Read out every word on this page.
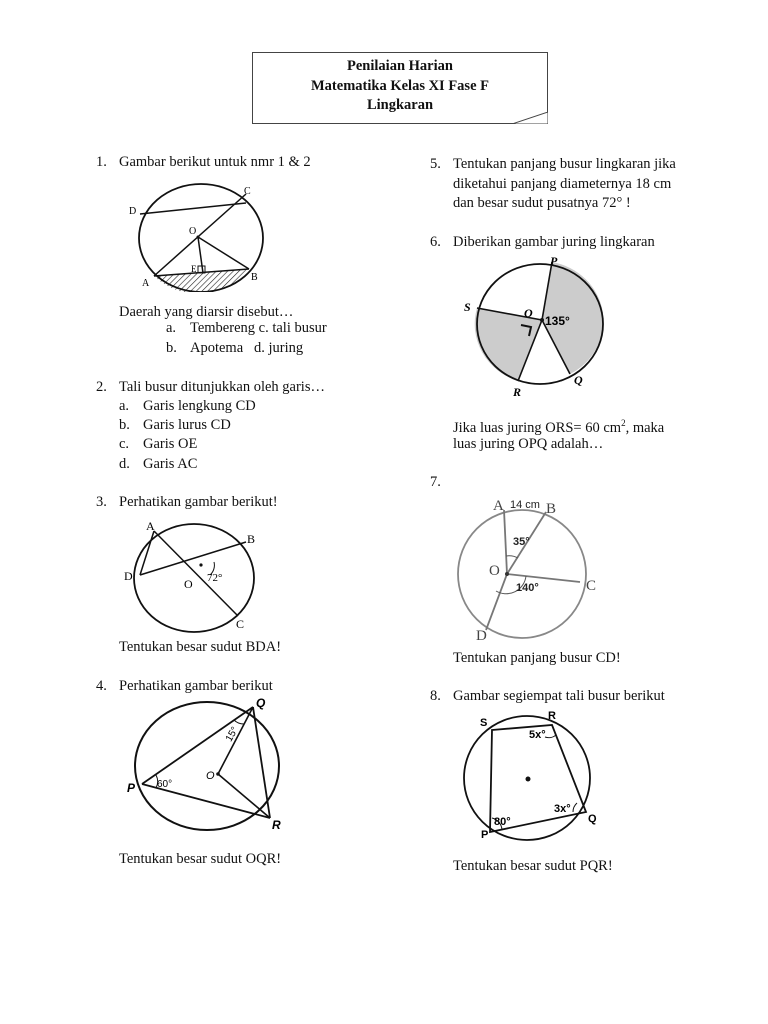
Penilaian Harian
Matematika Kelas XI Fase F
Lingkaran
1. Gambar berikut untuk nmr 1 & 2
D
C
O
E
A
B
Daerah yang diarsir disebut…
a. Tembereng c. tali busur
b. Apotema   d. juring
2. Tali busur ditunjukkan oleh garis…
a. Garis lengkung CD
b. Garis lurus CD
c. Garis OE
d. Garis AC
3. Perhatikan gambar berikut!
A
B
D
O 72°
C
Tentukan besar sudut BDA!
4. Perhatikan gambar berikut
Q
P
R
O
60°
15°
Tentukan besar sudut OQR!
5. Tentukan panjang busur lingkaran jika
diketahui panjang diameternya 18 cm
dan besar sudut pusatnya 72° !
6. Diberikan gambar juring lingkaran
P
S	O
135°
R
Q
Jika luas juring ORS= 60 $cm^2$, maka
luas juring OPQ adalah…
7.
A 14 cm B
35°
O
140°	C
D
Tentukan panjang busur CD!
8. Gambar segiempat tali busur berikut
S
R
5x°
3x°
Q
80°
P
Tentukan besar sudut PQR!
